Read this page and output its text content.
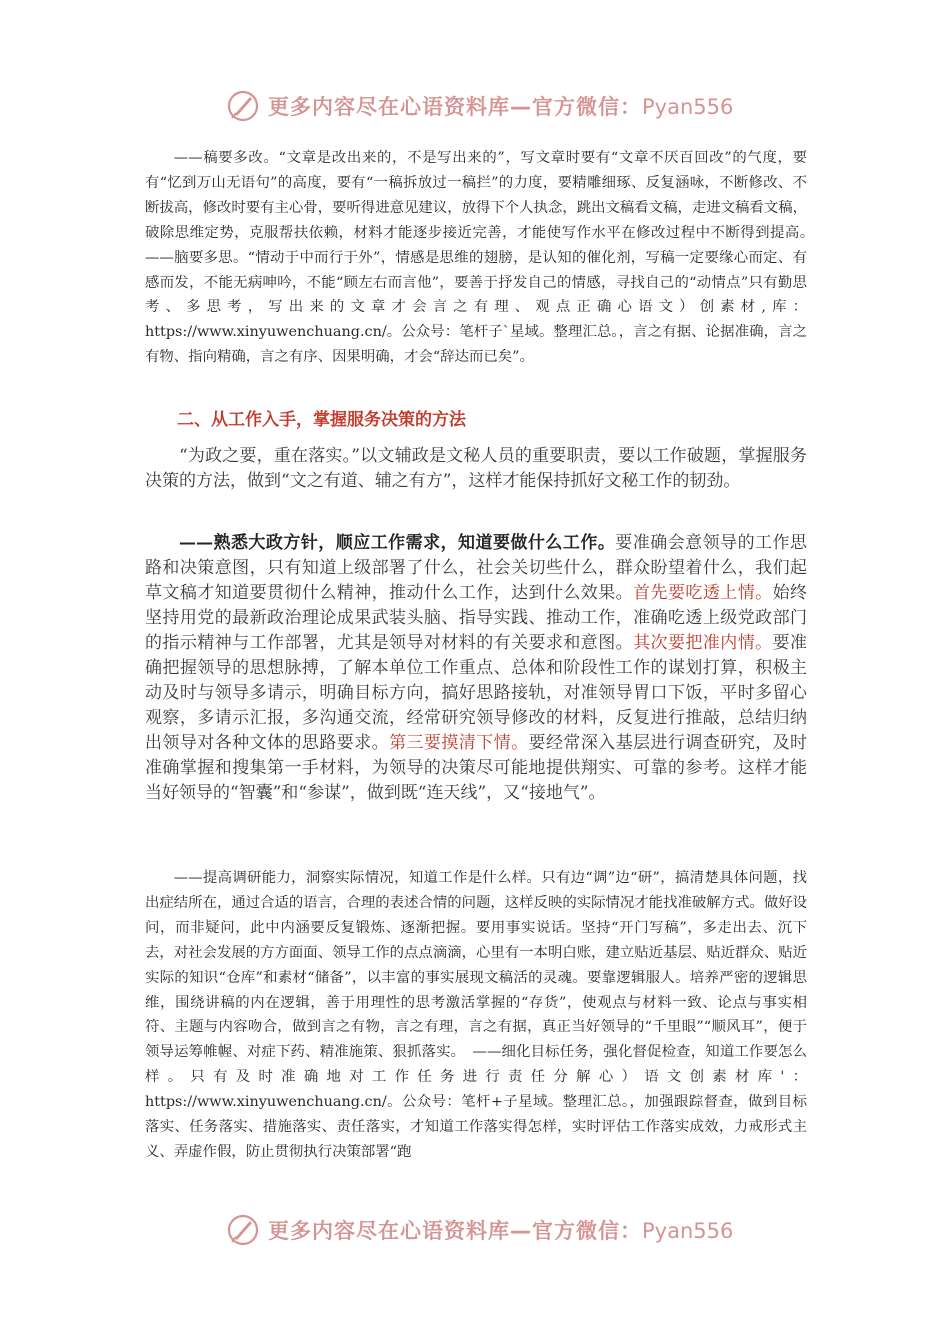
更多内容尽在心语资料库—官方微信：Pyan556

——稿要多改。“文章是改出来的，不是写出来的”，写文章时要有“文章不厌百回改”的气度，要有“忆到万山无语句”的高度，要有“一稿拆放过一稿拦”的力度，要精雕细琢、反复涵咏，不断修改、不断拔高，修改时要有主心骨，要听得进意见建议，放得下个人执念，跳出文稿看文稿，走进文稿看文稿，破除思维定势，克服帮扶依赖，材料才能逐步接近完善，才能使写作水平在修改过程中不断得到提高。　——脑要多思。“情动于中而行于外”，情感是思维的翅膀，是认知的催化剂，写稿一定要缘心而定、有感而发，不能无病呻吟，不能“顾左右而言他”，要善于抒发自己的情感，寻找自己的“动情点”只有勤思考、多思考，写出来的文章才会言之有理、观点正确心语文）创素材,库：https://www.xinyuwenchuang.cn/。公众号：笔杆子`星域。整理汇总。，言之有据、论据准确，言之有物、指向精确，言之有序、因果明确，才会“辞达而已矣”。

二、从工作入手，掌握服务决策的方法

“为政之要，重在落实。”以文辅政是文秘人员的重要职责，要以工作破题，掌握服务决策的方法，做到“文之有道、辅之有方”，这样才能保持抓好文秘工作的韧劲。

——熟悉大政方针，顺应工作需求，知道要做什么工作。要准确会意领导的工作思路和决策意图，只有知道上级部署了什么，社会关切些什么，群众盼望着什么，我们起草文稿才知道要贯彻什么精神，推动什么工作，达到什么效果。首先要吃透上情。始终坚持用党的最新政治理论成果武装头脑、指导实践、推动工作，准确吃透上级党政部门的指示精神与工作部署，尤其是领导对材料的有关要求和意图。其次要把准内情。要准确把握领导的思想脉搏，了解本单位工作重点、总体和阶段性工作的谋划打算，积极主动及时与领导多请示，明确目标方向，搞好思路接轨，对准领导胃口下饭，平时多留心观察，多请示汇报，多沟通交流，经常研究领导修改的材料，反复进行推敲，总结归纳出领导对各种文体的思路要求。第三要摸清下情。要经常深入基层进行调查研究，及时准确掌握和搜集第一手材料，为领导的决策尽可能地提供翔实、可靠的参考。这样才能当好领导的“智囊”和“参谋”，做到既“连天线”，又“接地气”。

——提高调研能力，洞察实际情况，知道工作是什么样。只有边“调”边“研”，搞清楚具体问题，找出症结所在，通过合适的语言，合理的表述合情的问题，这样反映的实际情况才能找准破解方式。做好设问，而非疑问，此中内涵要反复锻炼、逐渐把握。要用事实说话。坚持“开门写稿”，多走出去、沉下去，对社会发展的方方面面、领导工作的点点滴滴，心里有一本明白账，建立贴近基层、贴近群众、贴近实际的知识“仓库”和素材“储备”，以丰富的事实展现文稿活的灵魂。要靠逻辑服人。培养严密的逻辑思维，围绕讲稿的内在逻辑，善于用理性的思考激活掌握的“存货”，使观点与材料一致、论点与事实相符、主题与内容吻合，做到言之有物，言之有理，言之有据，真正当好领导的“千里眼”“顺风耳”，便于领导运筹帷幄、对症下药、精准施策、狠抓落实。　——细化目标任务，强化督促检查，知道工作要怎么样。只有及时准确地对工作任务进行责任分解心）语文创素材库'：https://www.xinyuwenchuang.cn/。公众号：笔杆+子星域。整理汇总。，加强跟踪督查，做到目标落实、任务落实、措施落实、责任落实，才知道工作落实得怎样，实时评估工作落实成效，力戒形式主义、弄虚作假，防止贯彻执行决策部署“跑

更多内容尽在心语资料库—官方微信：Pyan556
